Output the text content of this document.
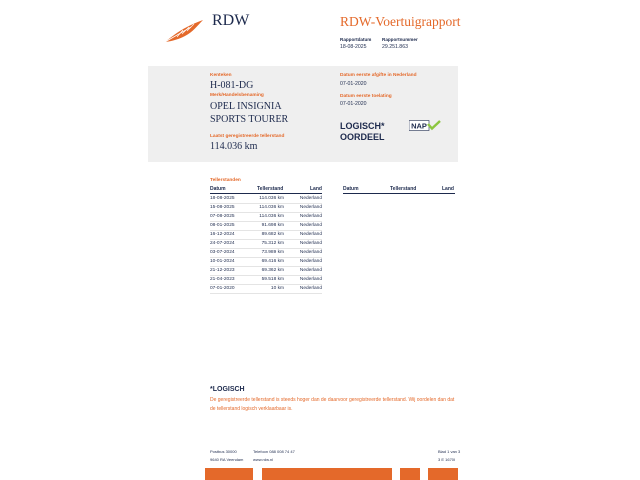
RDW	RDW-Voertuigrapport
Rapportdatum Rapportnummer
18-08-2025	29.251.863
Kenteken
H-081-DG
Merk/Handelsbenaming
OPEL INSIGNIA
SPORTS TOURER
Laatst geregistreerde tellerstand
114.036 km
Datum eerste afgifte in Nederland
07-01-2020
Datum eerste toelating
07-01-2020
LOGISCH*
OORDEEL
NAP
Tellerstanden
Datum	Tellerstand	Land	Datum	Tellerstand	Land
18-08-2025	114.036 km	Nederland
15-08-2025	114.036 km	Nederland
07-08-2025	114.036 km	Nederland
08-01-2025	91.698 km	Nederland
16-12-2024	89.682 km	Nederland
24-07-2024	75.312 km	Nederland
03-07-2024	73.989 km	Nederland
10-01-2024	69.416 km	Nederland
21-12-2023	69.362 km	Nederland
21-04-2023	59.518 km	Nederland
07-01-2020	10 km	Nederland
*LOGISCH
De geregistreerde tellerstand is steeds hoger dan de daarvoor geregistreerde tellerstand. Wij oordelen dan dat de tellerstand logisch verklaarbaar is.
Postbus 30000
9640 RA Veendam
Telefoon 088 008 74 47
www.rdw.nl
Blad 1 van 3
3 E 1670I
